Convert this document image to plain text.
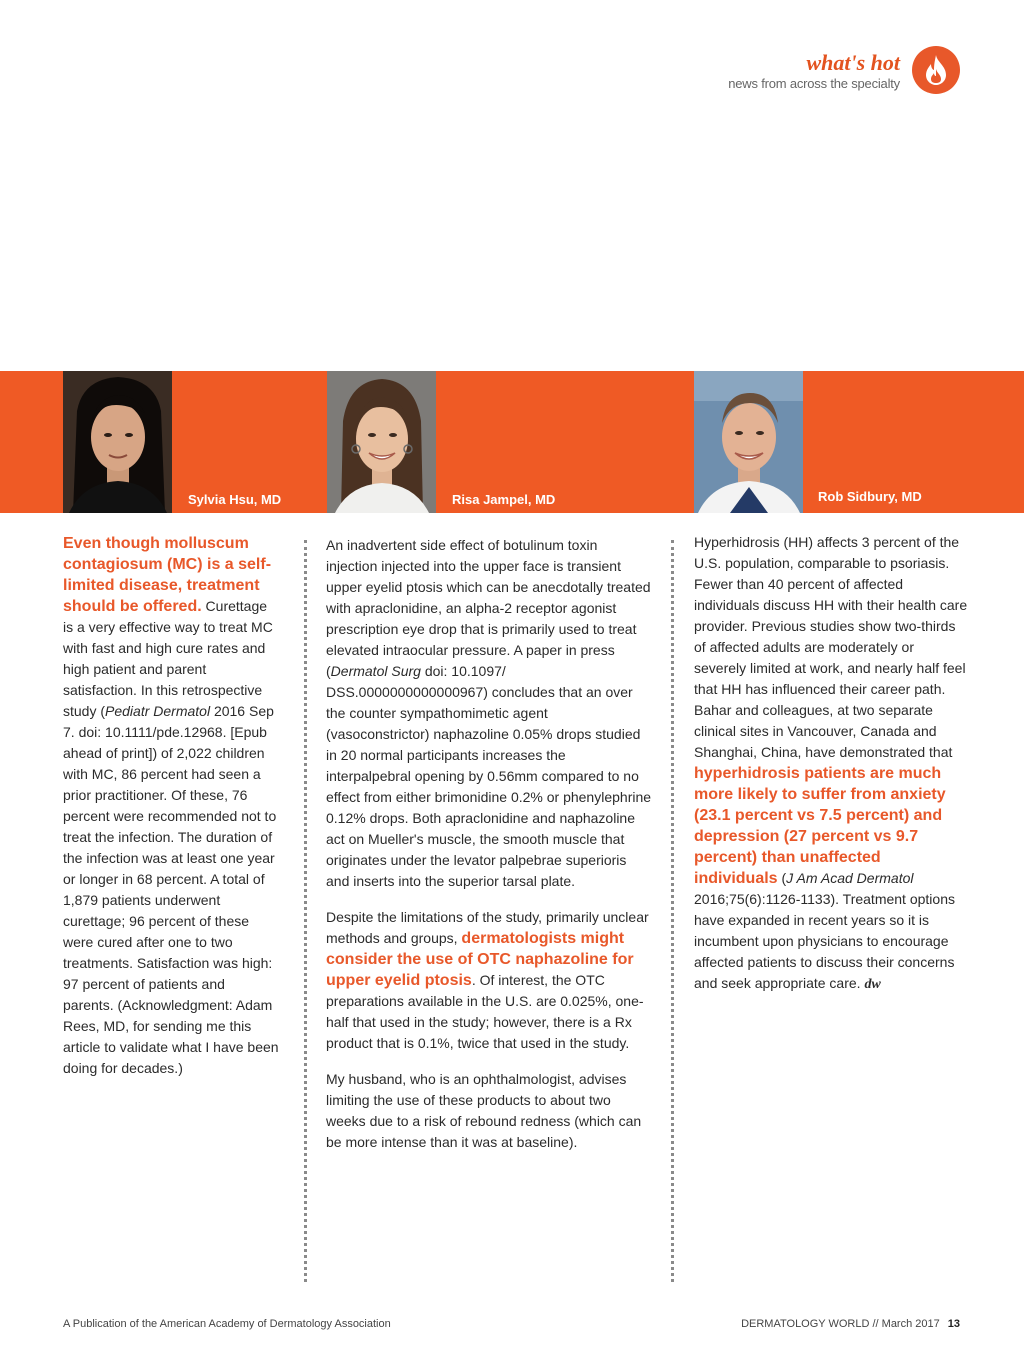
what's hot
news from across the specialty
Sylvia Hsu, MD	Risa Jampel, MD	Rob Sidbury, MD

Even though molluscum contagiosum (MC) is a self-limited disease, treatment should be offered. Curettage is a very effective way to treat MC with fast and high cure rates and high patient and parent satisfaction. In this retrospective study (Pediatr Dermatol 2016 Sep 7. doi: 10.1111/pde.12968. [Epub ahead of print]) of 2,022 children with MC, 86 percent had seen a prior practitioner. Of these, 76 percent were recommended not to treat the infection. The duration of the infection was at least one year or longer in 68 percent. A total of 1,879 patients underwent curettage; 96 percent of these were cured after one to two treatments. Satisfaction was high: 97 percent of patients and parents. (Acknowledgment: Adam Rees, MD, for sending me this article to validate what I have been doing for decades.)

An inadvertent side effect of botulinum toxin injection injected into the upper face is transient upper eyelid ptosis which can be anecdotally treated with apraclonidine, an alpha-2 receptor agonist prescription eye drop that is primarily used to treat elevated intraocular pressure. A paper in press (Dermatol Surg doi: 10.1097/ DSS.0000000000000967) concludes that an over the counter sympathomimetic agent (vasoconstrictor) naphazoline 0.05% drops studied in 20 normal participants increases the interpalpebral opening by 0.56mm compared to no effect from either brimonidine 0.2% or phenylephrine 0.12% drops. Both apraclonidine and naphazoline act on Mueller's muscle, the smooth muscle that originates under the levator palpebrae superioris and inserts into the superior tarsal plate.

Despite the limitations of the study, primarily unclear methods and groups, dermatologists might consider the use of OTC naphazoline for upper eyelid ptosis. Of interest, the OTC preparations available in the U.S. are 0.025%, one-half that used in the study; however, there is a Rx product that is 0.1%, twice that used in the study.

My husband, who is an ophthalmologist, advises limiting the use of these products to about two weeks due to a risk of rebound redness (which can be more intense than it was at baseline).

Hyperhidrosis (HH) affects 3 percent of the U.S. population, comparable to psoriasis. Fewer than 40 percent of affected individuals discuss HH with their health care provider. Previous studies show two-thirds of affected adults are moderately or severely limited at work, and nearly half feel that HH has influenced their career path. Bahar and colleagues, at two separate clinical sites in Vancouver, Canada and Shanghai, China, have demonstrated that hyperhidrosis patients are much more likely to suffer from anxiety (23.1 percent vs 7.5 percent) and depression (27 percent vs 9.7 percent) than unaffected individuals (J Am Acad Dermatol 2016;75(6):1126-1133). Treatment options have expanded in recent years so it is incumbent upon physicians to encourage affected patients to discuss their concerns and seek appropriate care. dw

A Publication of the American Academy of Dermatology Association	DERMATOLOGY WORLD // March 2017 13
